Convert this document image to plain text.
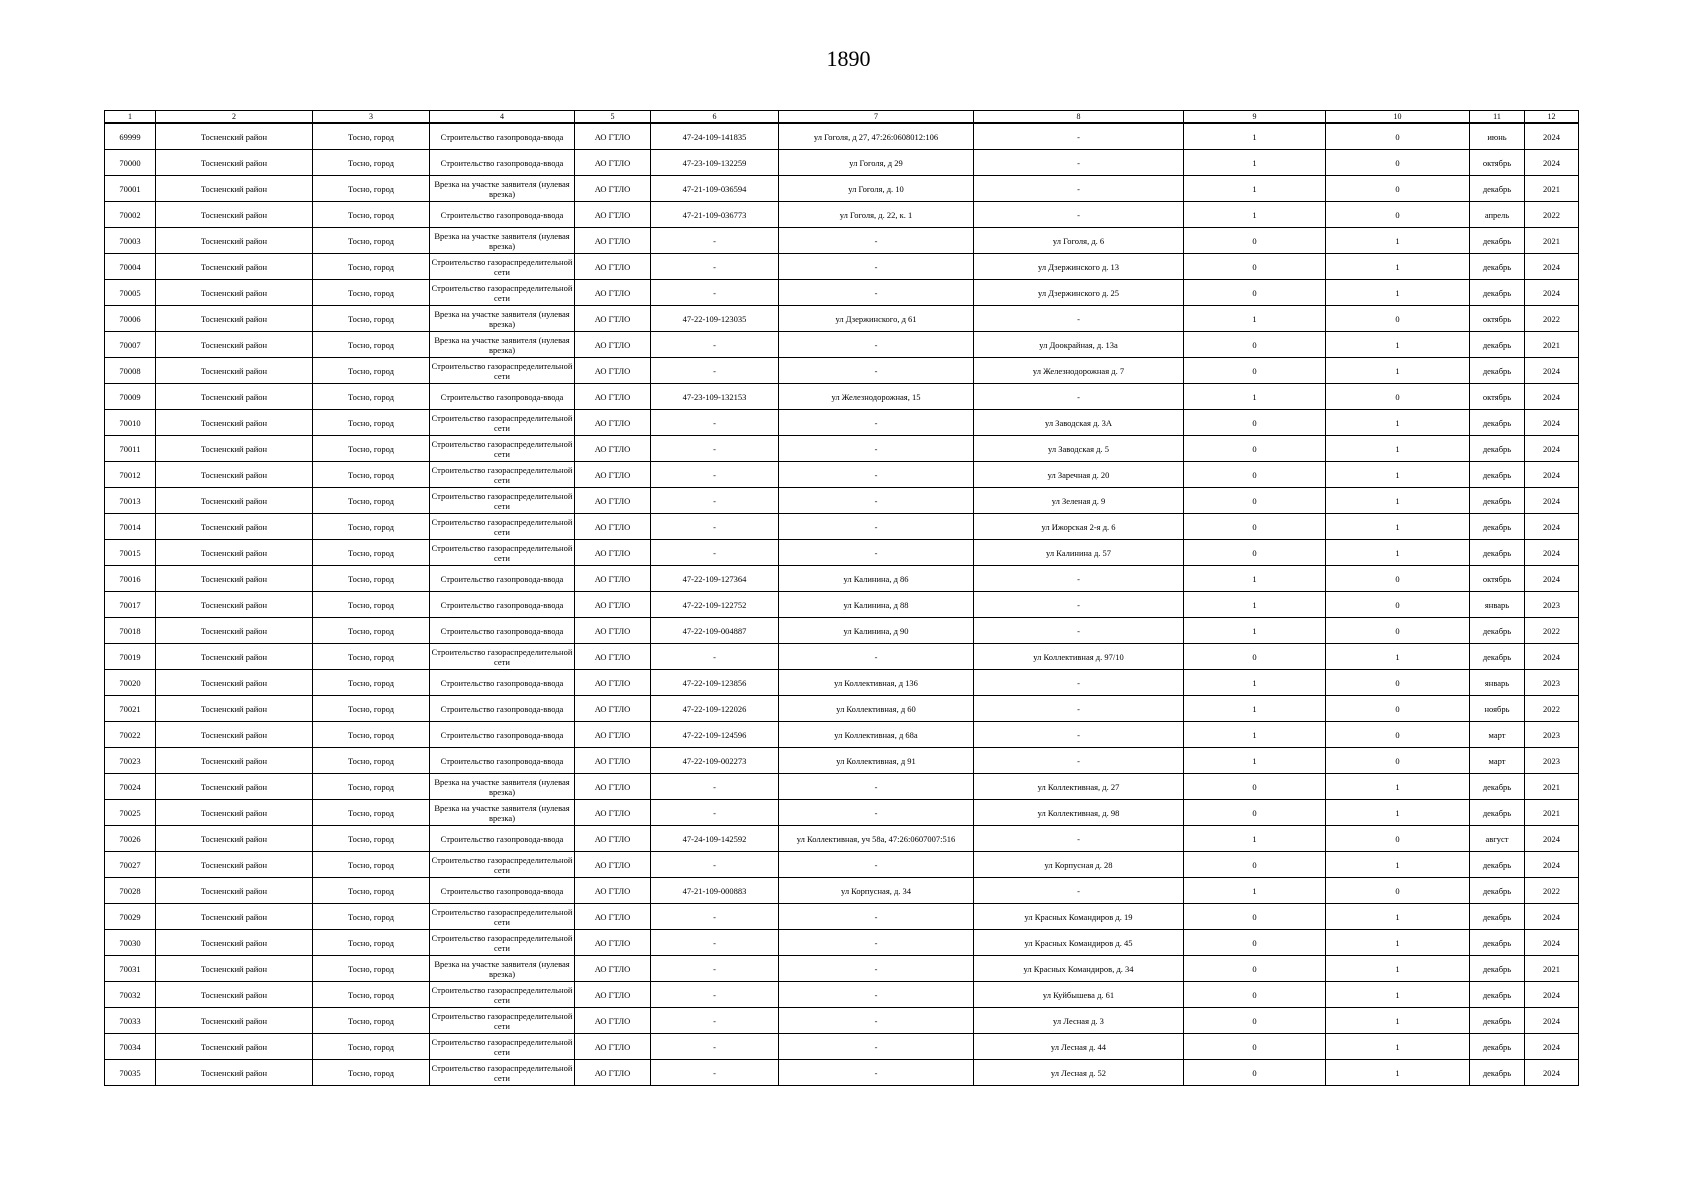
1890
1	2	3	4	5	6	7	8	9	10	11	12
69999	Тосненский район	Тосно, город	Строительство газопровода-ввода	АО ГТЛО	47-24-109-141835	ул Гоголя, д 27, 47:26:0608012:106	-	1	0	июнь	2024
70000	Тосненский район	Тосно, город	Строительство газопровода-ввода	АО ГТЛО	47-23-109-132259	ул Гоголя, д 29	-	1	0	октябрь	2024
70001	Тосненский район	Тосно, город	Врезка на участке заявителя (нулевая врезка)	АО ГТЛО	47-21-109-036594	ул Гоголя, д. 10	-	1	0	декабрь	2021
70002	Тосненский район	Тосно, город	Строительство газопровода-ввода	АО ГТЛО	47-21-109-036773	ул Гоголя, д. 22, к. 1	-	1	0	апрель	2022
70003	Тосненский район	Тосно, город	Врезка на участке заявителя (нулевая врезка)	АО ГТЛО	-	-	ул Гоголя, д. 6	0	1	декабрь	2021
70004	Тосненский район	Тосно, город	Строительство газораспределительной сети	АО ГТЛО	-	-	ул Дзержинского д. 13	0	1	декабрь	2024
70005	Тосненский район	Тосно, город	Строительство газораспределительной сети	АО ГТЛО	-	-	ул Дзержинского д. 25	0	1	декабрь	2024
70006	Тосненский район	Тосно, город	Врезка на участке заявителя (нулевая врезка)	АО ГТЛО	47-22-109-123035	ул Дзержинского, д 61	-	1	0	октябрь	2022
70007	Тосненский район	Тосно, город	Врезка на участке заявителя (нулевая врезка)	АО ГТЛО	-	-	ул Доокрайная, д. 13а	0	1	декабрь	2021
70008	Тосненский район	Тосно, город	Строительство газораспределительной сети	АО ГТЛО	-	-	ул Железнодорожная д. 7	0	1	декабрь	2024
70009	Тосненский район	Тосно, город	Строительство газопровода-ввода	АО ГТЛО	47-23-109-132153	ул Железнодорожная, 15	-	1	0	октябрь	2024
70010	Тосненский район	Тосно, город	Строительство газораспределительной сети	АО ГТЛО	-	-	ул Заводская д. 3А	0	1	декабрь	2024
70011	Тосненский район	Тосно, город	Строительство газораспределительной сети	АО ГТЛО	-	-	ул Заводская д. 5	0	1	декабрь	2024
70012	Тосненский район	Тосно, город	Строительство газораспределительной сети	АО ГТЛО	-	-	ул Заречная д. 20	0	1	декабрь	2024
70013	Тосненский район	Тосно, город	Строительство газораспределительной сети	АО ГТЛО	-	-	ул Зеленая д. 9	0	1	декабрь	2024
70014	Тосненский район	Тосно, город	Строительство газораспределительной сети	АО ГТЛО	-	-	ул Ижорская 2-я д. 6	0	1	декабрь	2024
70015	Тосненский район	Тосно, город	Строительство газораспределительной сети	АО ГТЛО	-	-	ул Калинина д. 57	0	1	декабрь	2024
70016	Тосненский район	Тосно, город	Строительство газопровода-ввода	АО ГТЛО	47-22-109-127364	ул Калинина, д 86	-	1	0	октябрь	2024
70017	Тосненский район	Тосно, город	Строительство газопровода-ввода	АО ГТЛО	47-22-109-122752	ул Калинина, д 88	-	1	0	январь	2023
70018	Тосненский район	Тосно, город	Строительство газопровода-ввода	АО ГТЛО	47-22-109-004887	ул Калинина, д 90	-	1	0	декабрь	2022
70019	Тосненский район	Тосно, город	Строительство газораспределительной сети	АО ГТЛО	-	-	ул Коллективная д. 97/10	0	1	декабрь	2024
70020	Тосненский район	Тосно, город	Строительство газопровода-ввода	АО ГТЛО	47-22-109-123856	ул Коллективная, д 136	-	1	0	январь	2023
70021	Тосненский район	Тосно, город	Строительство газопровода-ввода	АО ГТЛО	47-22-109-122026	ул Коллективная, д 60	-	1	0	ноябрь	2022
70022	Тосненский район	Тосно, город	Строительство газопровода-ввода	АО ГТЛО	47-22-109-124596	ул Коллективная, д 68а	-	1	0	март	2023
70023	Тосненский район	Тосно, город	Строительство газопровода-ввода	АО ГТЛО	47-22-109-002273	ул Коллективная, д 91	-	1	0	март	2023
70024	Тосненский район	Тосно, город	Врезка на участке заявителя (нулевая врезка)	АО ГТЛО	-	-	ул Коллективная, д. 27	0	1	декабрь	2021
70025	Тосненский район	Тосно, город	Врезка на участке заявителя (нулевая врезка)	АО ГТЛО	-	-	ул Коллективная, д. 98	0	1	декабрь	2021
70026	Тосненский район	Тосно, город	Строительство газопровода-ввода	АО ГТЛО	47-24-109-142592	ул Коллективная, уч 58а, 47:26:0607007:516	-	1	0	август	2024
70027	Тосненский район	Тосно, город	Строительство газораспределительной сети	АО ГТЛО	-	-	ул Корпусная д. 28	0	1	декабрь	2024
70028	Тосненский район	Тосно, город	Строительство газопровода-ввода	АО ГТЛО	47-21-109-000883	ул Корпусная, д. 34	-	1	0	декабрь	2022
70029	Тосненский район	Тосно, город	Строительство газораспределительной сети	АО ГТЛО	-	-	ул Красных Командиров д. 19	0	1	декабрь	2024
70030	Тосненский район	Тосно, город	Строительство газораспределительной сети	АО ГТЛО	-	-	ул Красных Командиров д. 45	0	1	декабрь	2024
70031	Тосненский район	Тосно, город	Врезка на участке заявителя (нулевая врезка)	АО ГТЛО	-	-	ул Красных Командиров, д. 34	0	1	декабрь	2021
70032	Тосненский район	Тосно, город	Строительство газораспределительной сети	АО ГТЛО	-	-	ул Куйбышева д. 61	0	1	декабрь	2024
70033	Тосненский район	Тосно, город	Строительство газораспределительной сети	АО ГТЛО	-	-	ул Лесная д. 3	0	1	декабрь	2024
70034	Тосненский район	Тосно, город	Строительство газораспределительной сети	АО ГТЛО	-	-	ул Лесная д. 44	0	1	декабрь	2024
70035	Тосненский район	Тосно, город	Строительство газораспределительной сети	АО ГТЛО	-	-	ул Лесная д. 52	0	1	декабрь	2024
